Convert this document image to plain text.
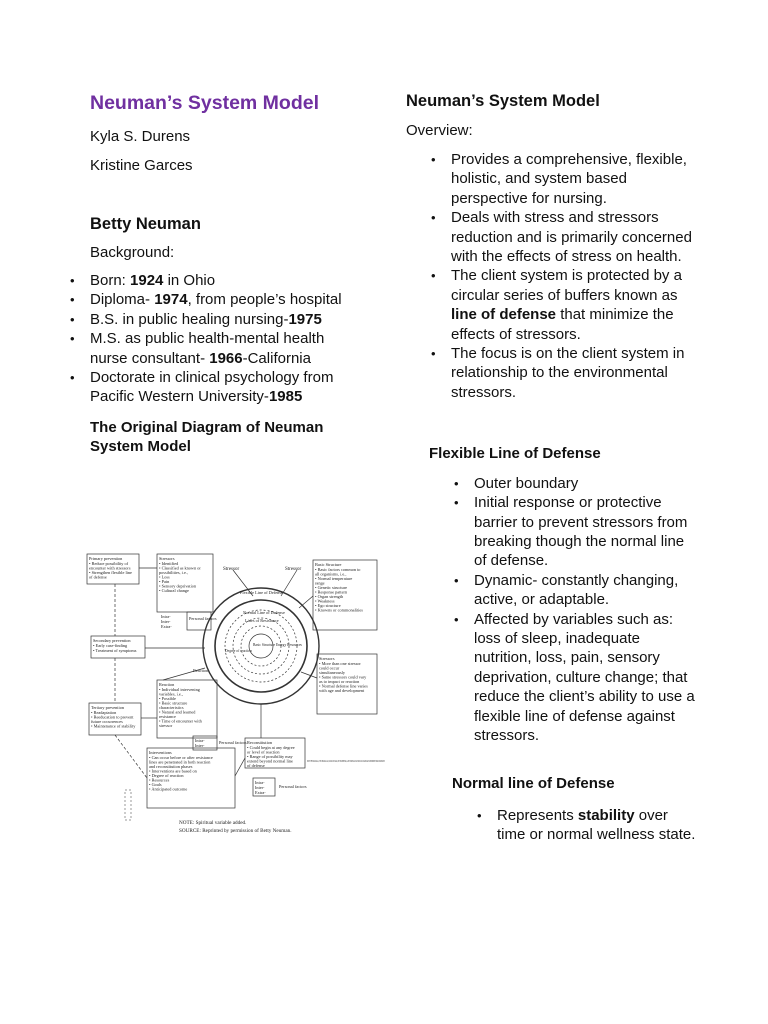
Neuman’s System Model

Kyla S. Durens

Kristine Garces

Betty Neuman

Background:

• Born: 1924 in Ohio
• Diploma- 1974, from people’s hospital
• B.S. in public healing nursing-1975
• M.S. as public health-mental health nurse consultant- 1966-California
• Doctorate in clinical psychology from Pacific Western University-1985
The Original Diagram of Neuman System Model
Primary prevention
• Reduce possibility of
encounter with stressors
• Strengthen flexible line
of defense
Stressors
• Identified
• Classified as known or
possibilities, i.e.,
• Loss
• Pain
• Sensory deprivation
• Cultural change
Intra-
Inter-
Extra-
Personal factors
Stressor	Stressor
Basic Structure
• Basic factors common to
all organisms, i.e.,
• Normal temperature
range
• Genetic structure
• Response pattern
• Organ strength
• Weakness
• Ego structure
• Knowns or commonalities
Flexible Line of Defense
Normal Line of Defense
Lines of Resistance
Basic Structure Energy Resources
Degree of reaction
Secondary prevention
• Early case-finding
• Treatment of symptoms
Reaction
Reaction
• Individual intervening
variables, i.e.,
• Possible
• Basic structure
characteristics
• Natural and learned
resistance
• Time of encounter with
stressor
Stressors
• More than one stressor
could occur
simultaneously
• Same stressors could vary
as to impact or reaction
• Normal defense line varies
with age and development
Tertiary prevention
• Readaptation
• Reeducation to prevent
future occurrences
• Maintenance of stability
Intra-
Inter-
Personal factors Reconstitution
• Could begin at any degree
or level of reaction
• Range of possibility may
extend beyond normal line
of defense
Interventions
• Can occur before or after resistance
lines are penetrated in both reaction
and reconstitution phases
• Interventions are based on
• Degree of reaction
• Resources
• Goals
• Anticipated outcome
Intra-
Inter-
Extra-
Personal factors
NOTE: PHYSIOLOGICAL, PSYCHOLOGICAL, SOCIOCULTURAL, DEVELOPMENTAL, AND SPIRITUAL FACTORS OCCUR AND ARE CONSIDERED SIMULTANEOUSLY
NOTE: Spiritual variable added.
SOURCE: Reprinted by permission of Betty Neuman.
Neuman’s System Model

Overview:

• Provides a comprehensive, flexible, holistic, and system based perspective for nursing.
• Deals with stress and stressors reduction and is primarily concerned with the effects of stress on health.
• The client system is protected by a circular series of buffers known as line of defense that minimize the effects of stressors.
• The focus is on the client system in relationship to the environmental stressors.
Flexible Line of Defense
• Outer boundary
• Initial response or protective barrier to prevent stressors from breaking though the normal line of defense.
• Dynamic- constantly changing, active, or adaptable.
• Affected by variables such as: loss of sleep, inadequate nutrition, loss, pain, sensory deprivation, culture change; that reduce the client’s ability to use a flexible line of defense against stressors.
Normal line of Defense
• Represents stability over time or normal wellness state.
